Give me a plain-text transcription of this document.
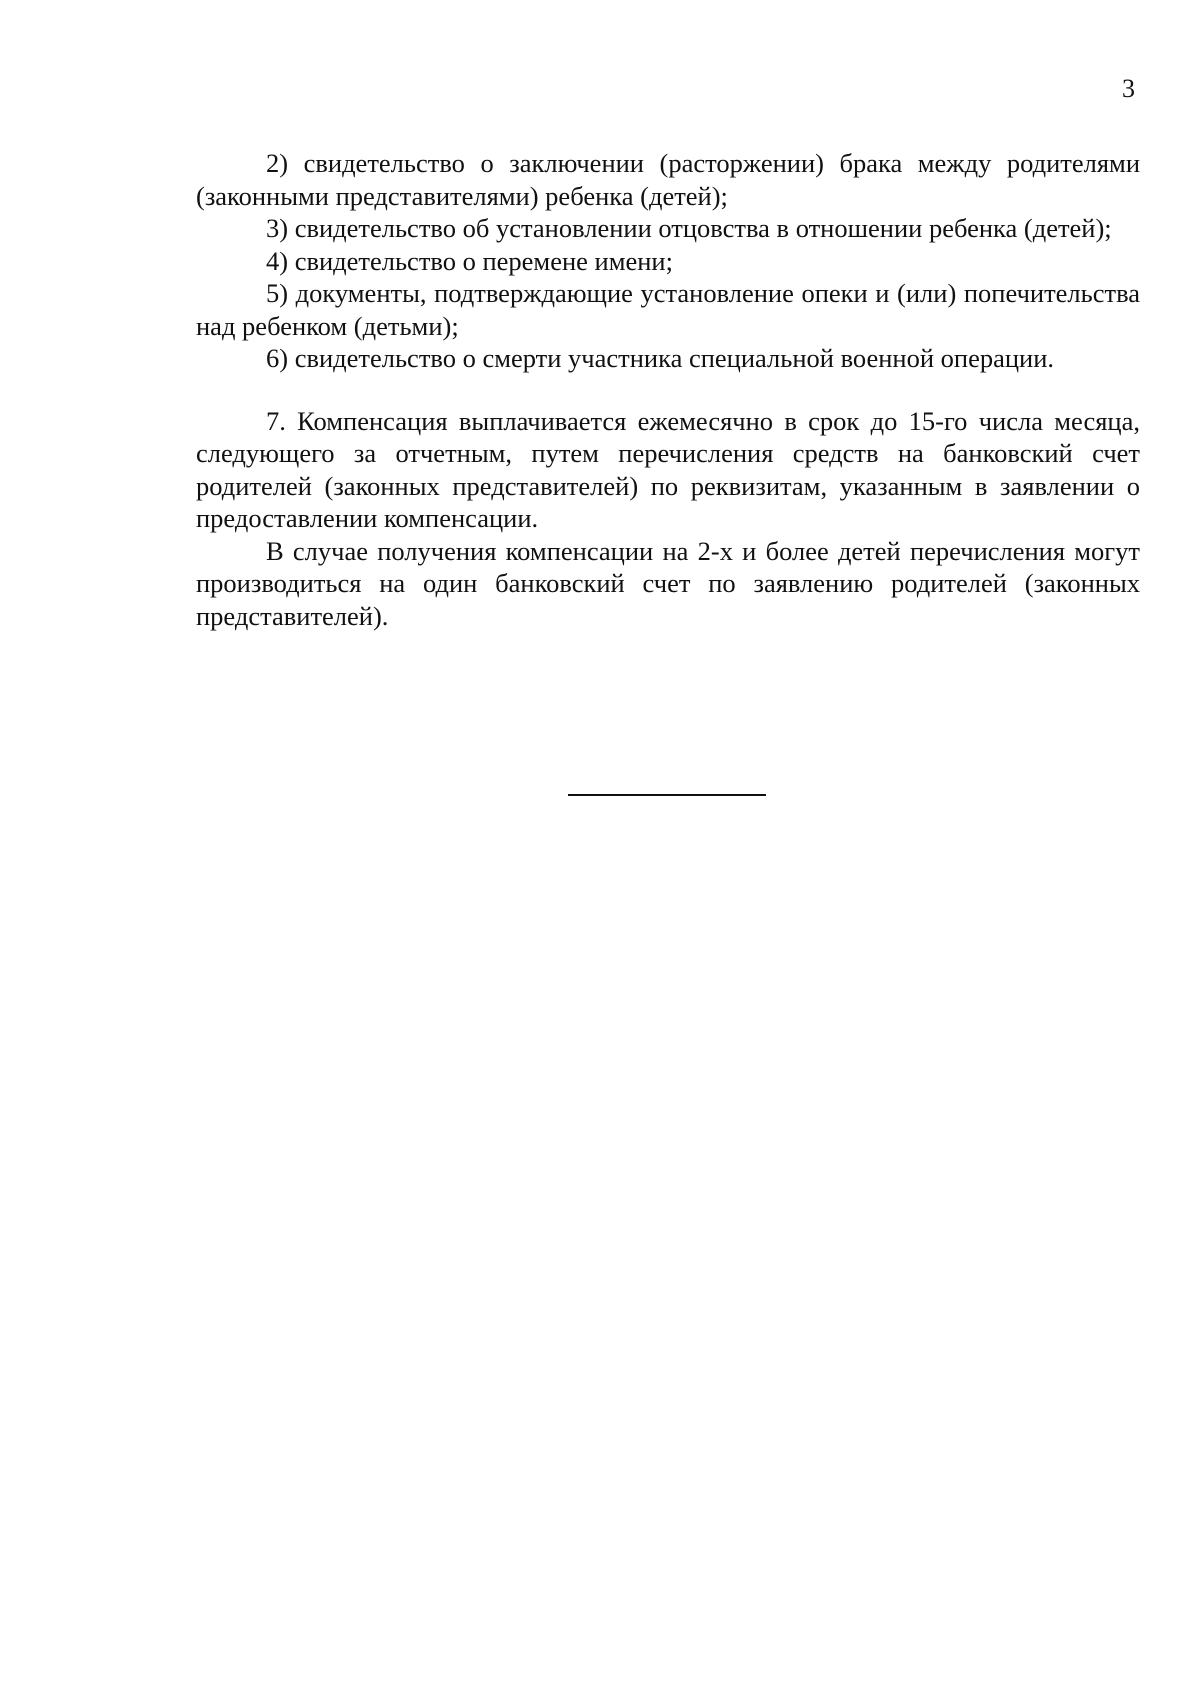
3

2) свидетельство о заключении (расторжении) брака между родителями (законными представителями) ребенка (детей);

3) свидетельство об установлении отцовства в отношении ребенка (детей);

4) свидетельство о перемене имени;

5) документы, подтверждающие установление опеки и (или) попечительства над ребенком (детьми);

6) свидетельство о смерти участника специальной военной операции.

7. Компенсация выплачивается ежемесячно в срок до 15-го числа месяца, следующего за отчетным, путем перечисления средств на банковский счет родителей (законных представителей) по реквизитам, указанным в заявлении о предоставлении компенсации.

В случае получения компенсации на 2-х и более детей перечисления могут производиться на один банковский счет по заявлению родителей (законных представителей).
